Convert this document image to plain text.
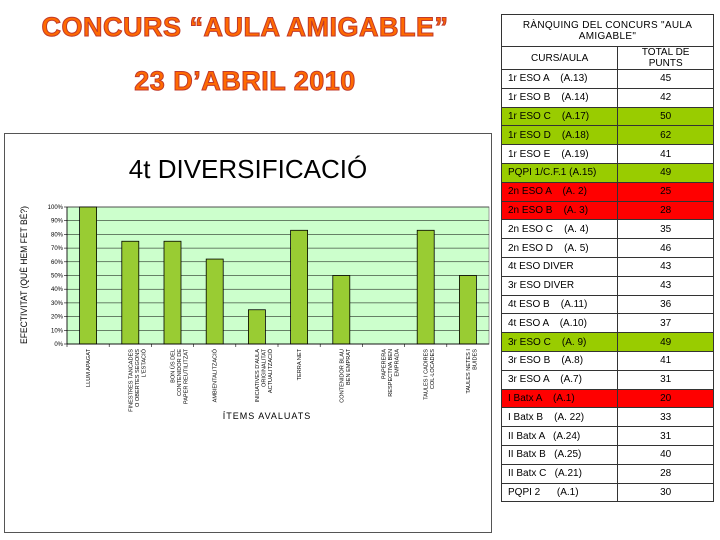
CONCURS “AULA AMIGABLE”
23 D’ABRIL 2010
4t DIVERSIFICACIÓ
EFECTIVITAT (QUÈ HEM FET BÉ?)
ÍTEMS AVALUATS
0%
10%
20%
30%
40%
50%
60%
70%
80%
90%
100%
LLUM APAGAT	FINESTRES TANCADESO OBERTES SEGONSL'ESTACIÓ	BON ÚS DELCONTENIDOR DEPAPER REUTILITZAT	AMBIENTALITZACIÓ	INICIATIVES D'AULAORIGINALITATACTUALITZACIÓ	TERRA NET	CONTENIDOR BLAUBEN EMPRAT	PAPERERARESPECTIVA BENEMPRADA	TAULES I CADIRESCOL·LOCADES	TAULES NETES IBUIDES
RÀNQUING DEL CONCURS "AULA AMIGABLE"	
CURS/AULA	TOTAL DE PUNTS
1r ESO A    (A.13)	45
1r ESO B    (A.14)	42
1r ESO C    (A.17)	50
1r ESO D    (A.18)	62
1r ESO E    (A.19)	41
PQPI 1/C.F.1 (A.15)	49
2n ESO A    (A. 2)	25
2n ESO B    (A. 3)	28
2n ESO C    (A. 4)	35
2n ESO D    (A. 5)	46
4t ESO DIVER	43
3r ESO DIVER	43
4t ESO B    (A.11)	36
4t ESO A    (A.10)	37
3r ESO C    (A. 9)	49
3r ESO B    (A.8)	41
3r ESO A    (A.7)	31
I Batx A    (A.1)	20
I Batx B    (A. 22)	33
II Batx A   (A.24)	31
II Batx B   (A.25)	40
II Batx C   (A.21)	28
PQPI 2      (A.1)	30
